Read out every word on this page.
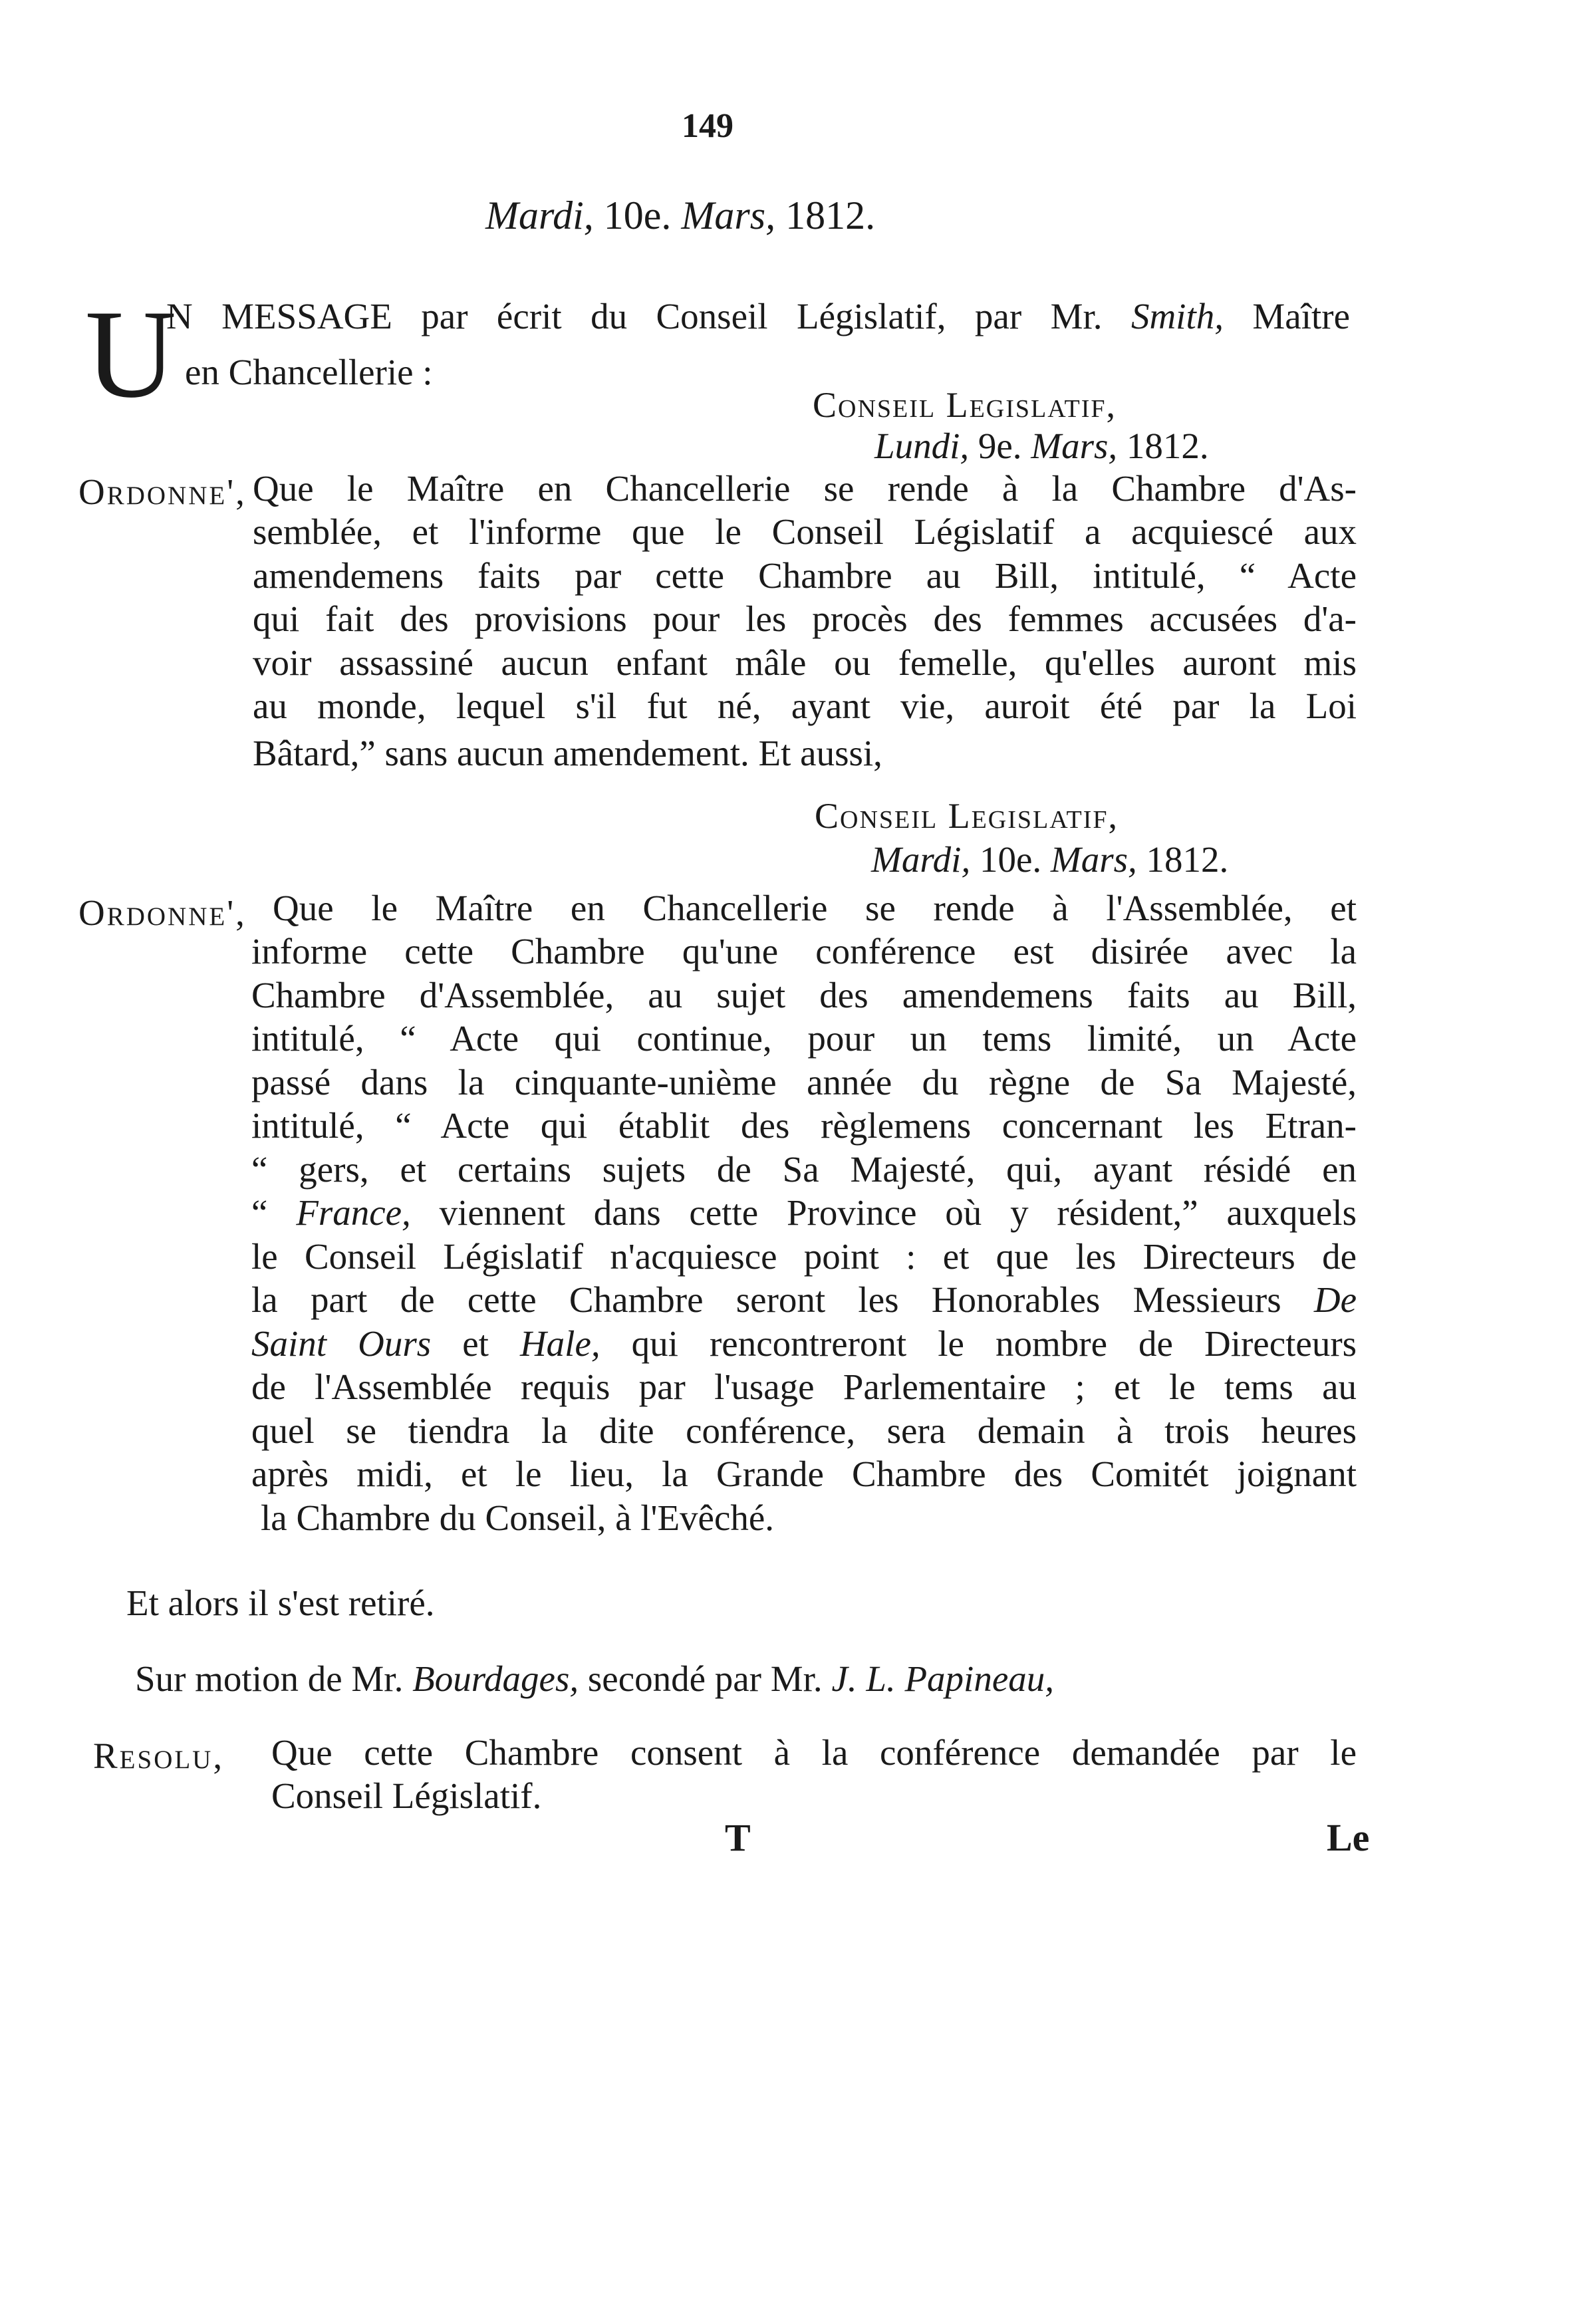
149
Mardi, 10e. Mars, 1812.
U
N MESSAGE par écrit du Conseil Législatif, par Mr. Smith, Maître
en Chancellerie :
Conseil Legislatif,
Lundi, 9e. Mars, 1812.
Ordonne', Que le Maître en Chancellerie se rende à la Chambre d'As-
semblée, et l'informe que le Conseil Législatif a acquiescé aux
amendemens faits par cette Chambre au Bill, intitulé, “ Acte
qui fait des provisions pour les procès des femmes accusées d'a-
voir assassiné aucun enfant mâle ou femelle, qu'elles auront mis
au monde, lequel s'il fut né, ayant vie, auroit été par la Loi
Bâtard,” sans aucun amendement. Et aussi,
Conseil Legislatif,
Mardi, 10e. Mars, 1812.
Ordonne', Que le Maître en Chancellerie se rende à l'Assemblée, et
informe cette Chambre qu'une conférence est disirée avec la
Chambre d'Assemblée, au sujet des amendemens faits au Bill,
intitulé, “ Acte qui continue, pour un tems limité, un Acte
passé dans la cinquante-unième année du règne de Sa Majesté,
intitulé, “ Acte qui établit des règlemens concernant les Etran-
“ gers, et certains sujets de Sa Majesté, qui, ayant résidé en
“ France, viennent dans cette Province où y résident,” auxquels
le Conseil Législatif n'acquiesce point : et que les Directeurs de
la part de cette Chambre seront les Honorables Messieurs De
Saint Ours et Hale, qui rencontreront le nombre de Directeurs
de l'Assemblée requis par l'usage Parlementaire ; et le tems au
quel se tiendra la dite conférence, sera demain à trois heures
après midi, et le lieu, la Grande Chambre des Comitét joignant
la Chambre du Conseil, à l'Evêché.
Et alors il s'est retiré.
Sur motion de Mr. Bourdages, secondé par Mr. J. L. Papineau,
Resolu, Que cette Chambre consent à la conférence demandée par le
Conseil Législatif.
T	Le
